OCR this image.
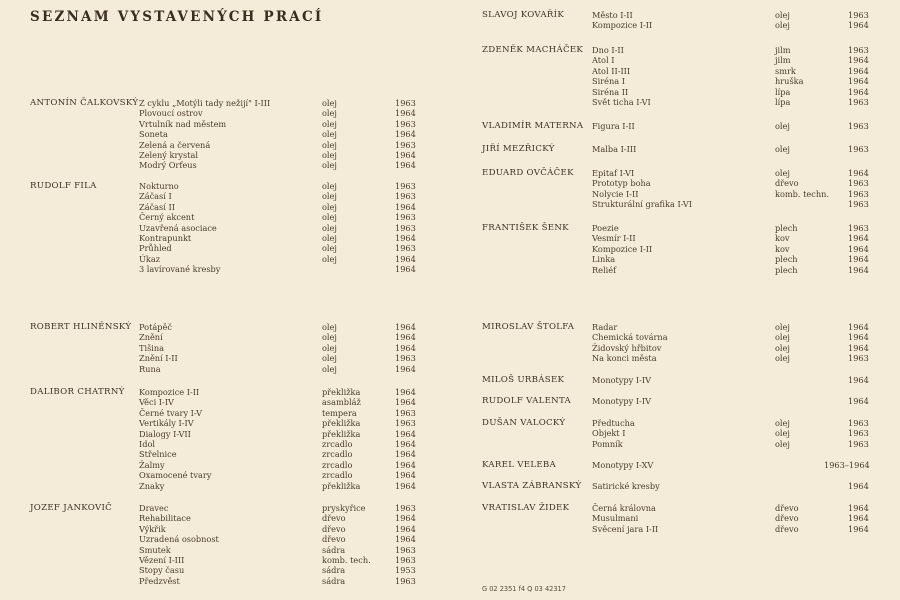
SEZNAM VYSTAVENÝCH PRACÍ
ANTONÍN ČALKOVSKÝ Z cyklu „Motýli tady nežijí" I-III	olej	1963
Plovoucí ostrov	olej	1964
Vrtulník nad městem	olej	1963
Soneta	olej	1964
Zelená a červená	olej	1963
Zelený krystal	olej	1964
Modrý Orfeus	olej	1964
RUDOLF FILA	Nokturno	olej	1963
Záčasí I	olej	1963
Záčasí II	olej	1964
Černý akcent	olej	1963
Uzavřená asociace	olej	1963
Kontrapunkt	olej	1964
Průhled	olej	1963
Úkaz	olej	1964
3 lavírované kresby	1964
ROBERT HLINĚNSKÝ Potápěč	olej	1964
Znění	olej	1964
Tišina	olej	1964
Znění I-II	olej	1963
Runa	olej	1964
DALIBOR CHATRNÝ Kompozice I-II	překližka	1964
Věci I-IV	asambláž	1964
Černé tvary I-V	tempera	1963
Vertikály I-IV	překližka	1963
Dialogy I-VII	překližka	1964
Idol	zrcadlo	1964
Střelnice	zrcadlo	1964
Žalmy	zrcadlo	1964
Oxamocené tvary	zrcadlo	1964
Znaky	překližka	1964
JOZEF JANKOVIČ	Dravec	pryskyřice	1963
Rehabilitace	dřevo	1964
Výkřik	dřevo	1964
Uzradená osobnost	dřevo	1964
Smutek	sádra	1963
Vězení I-III	komb. tech.	1963
Stopy času	sádra	1953
Předzvěst	sádra	1963
SLAVOJ KOVAŘÍK	Město I-II	olej	1963
Kompozice I-II	olej	1964
ZDENĚK MACHÁČEK Dno I-II	jilm	1963
Atol I	jilm	1964
Atol II-III	smrk	1964
Siréna I	hruška	1964
Siréna II	lípa	1964
Svět ticha I-VI	lípa	1963
VLADIMÍR MATERNA Figura I-II	olej	1963
JIŘÍ MEZŘICKÝ	Malba I-III	olej	1963
EDUARD OVČÁČEK Epitaf I-VI	olej	1964
Prototyp boha	dřevo	1963
Nolycie I-II	komb. techn. 1963
Strukturální grafika I-VI	1963
FRANTIŠEK ŠENK	Poezie	plech	1963
Vesmír I-II	kov	1964
Kompozice I-II	kov	1964
Linka	plech	1964
Reliéf	plech	1964
MIROSLAV ŠTOLFA Radar	olej	1964
Chemická továrna	olej	1964
Židovský hřbitov	olej	1964
Na konci města	olej	1963
MILOŠ URBÁSEK	Monotypy I-IV	1964
RUDOLF VALENTA	Monotypy I-IV	1964
DUŠAN VALOCKÝ	Předtucha	olej	1963
Objekt I	olej	1963
Pomník	olej	1963
KAREL VELEBA	Monotypy I-XV	1963–1964
VLASTA ZÁBRANSKÝ Satirické kresby	1964
VRATISLAV ŽIDEK	Černá královna	dřevo	1964
Musulmani	dřevo	1964
Svěcení jara I-II	dřevo	1964
G 02 2351 f4 Q 03 42317
